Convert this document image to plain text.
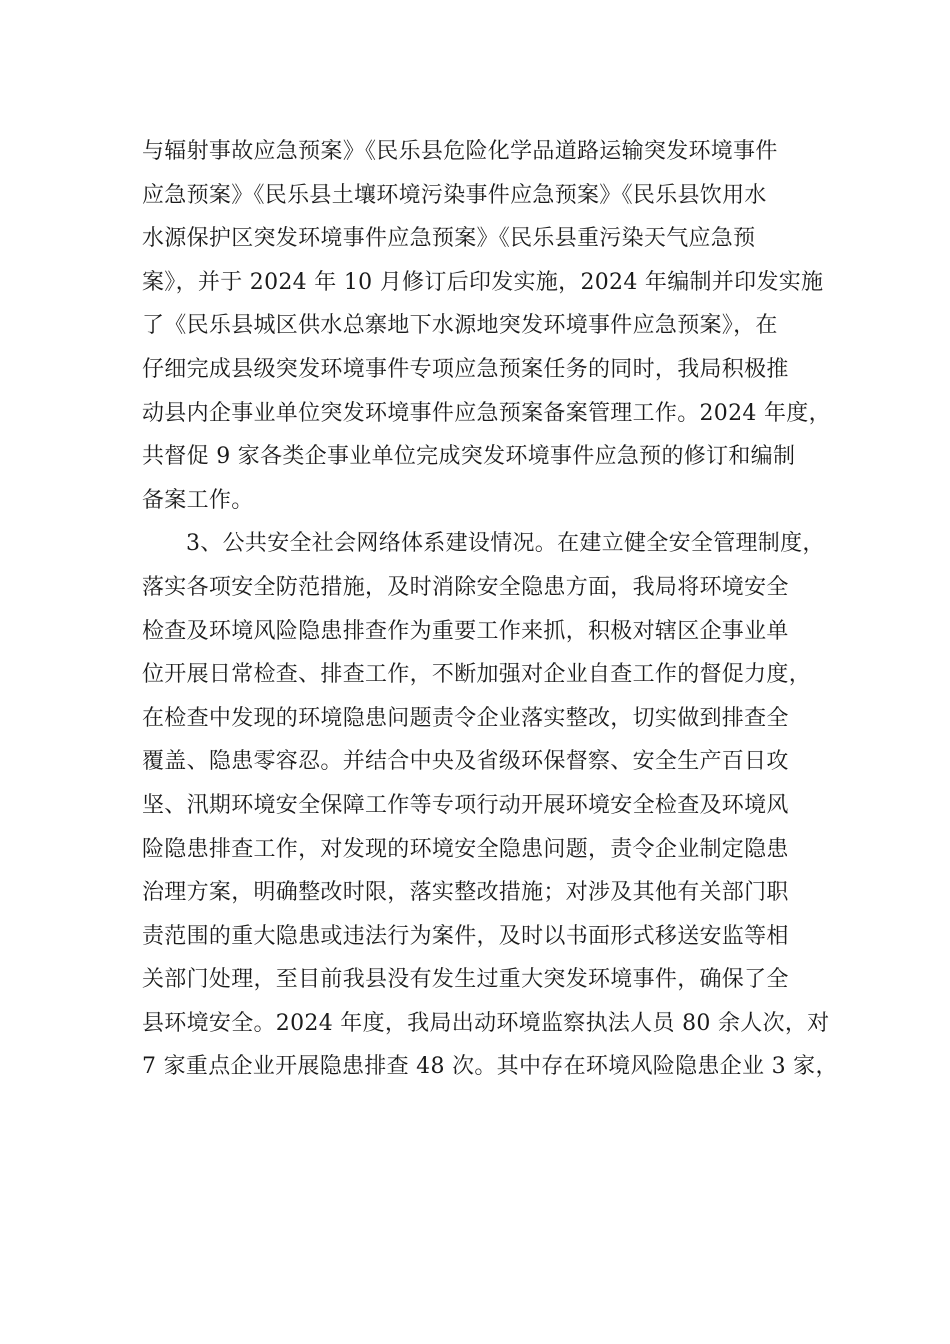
与辐射事故应急预案》《民乐县危险化学品道路运输突发环境事件
应急预案》《民乐县土壤环境污染事件应急预案》《民乐县饮用水
水源保护区突发环境事件应急预案》《民乐县重污染天气应急预
案》，并于 2024 年 10 月修订后印发实施，2024 年编制并印发实施
了《民乐县城区供水总寨地下水源地突发环境事件应急预案》，在
仔细完成县级突发环境事件专项应急预案任务的同时，我局积极推
动县内企事业单位突发环境事件应急预案备案管理工作。2024 年度，
共督促 9 家各类企事业单位完成突发环境事件应急预的修订和编制
备案工作。
3、公共安全社会网络体系建设情况。在建立健全安全管理制度，
落实各项安全防范措施，及时消除安全隐患方面，我局将环境安全
检查及环境风险隐患排查作为重要工作来抓，积极对辖区企事业单
位开展日常检查、排查工作，不断加强对企业自查工作的督促力度，
在检查中发现的环境隐患问题责令企业落实整改，切实做到排查全
覆盖、隐患零容忍。并结合中央及省级环保督察、安全生产百日攻
坚、汛期环境安全保障工作等专项行动开展环境安全检查及环境风
险隐患排查工作，对发现的环境安全隐患问题，责令企业制定隐患
治理方案，明确整改时限，落实整改措施；对涉及其他有关部门职
责范围的重大隐患或违法行为案件，及时以书面形式移送安监等相
关部门处理，至目前我县没有发生过重大突发环境事件，确保了全
县环境安全。2024 年度，我局出动环境监察执法人员 80 余人次，对
7 家重点企业开展隐患排查 48 次。其中存在环境风险隐患企业 3 家，
